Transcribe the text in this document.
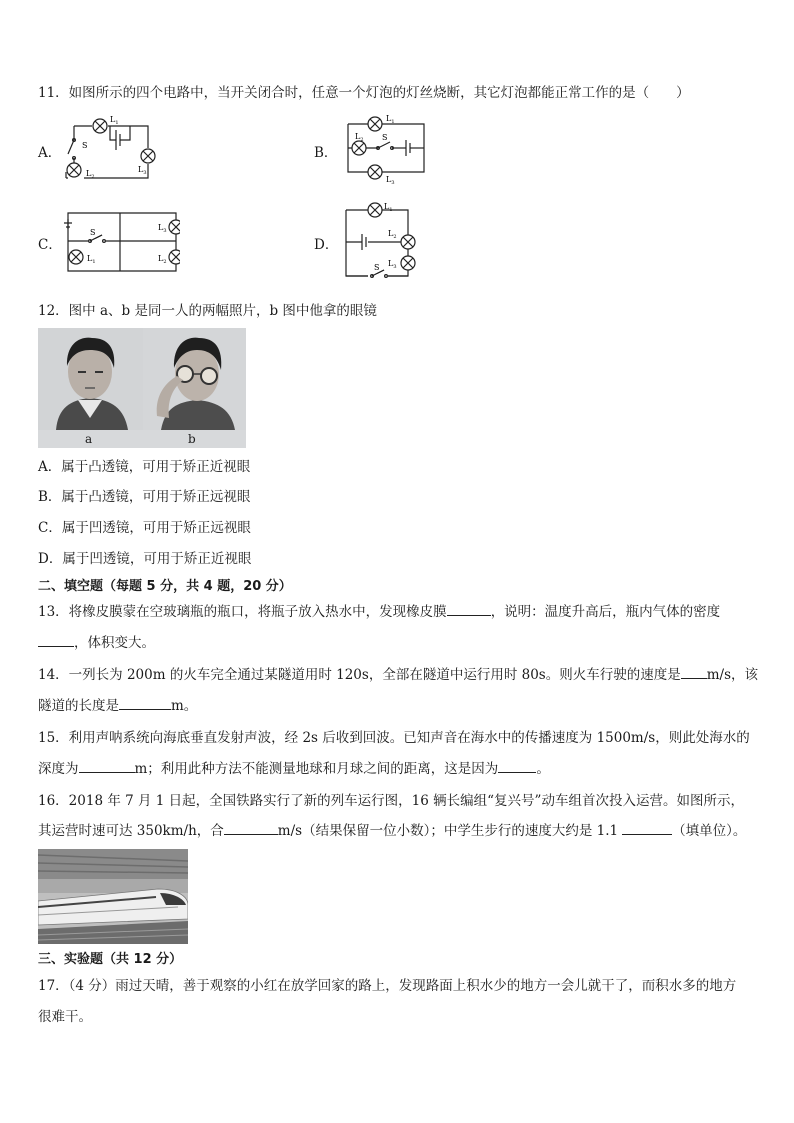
11．如图所示的四个电路中，当开关闭合时，任意一个灯泡的灯丝烧断，其它灯泡都能正常工作的是（　　）
A．	B．
C．	D．
$L_1$
S
$L_3$
$L_2$
$L_1$
$L_2$ S
$L_3$
S
$L_3$
$L_2$
$L_1$
$L_1$
$L_2$
$L_3$
S
12．图中 a、b 是同一人的两幅照片，b 图中他拿的眼镜
a	b
A．属于凸透镜，可用于矫正近视眼
B．属于凸透镜，可用于矫正远视眼
C．属于凹透镜，可用于矫正远视眼
D．属于凹透镜，可用于矫正近视眼
二、填空题（每题 5 分，共 4 题，20 分）
13．将橡皮膜蒙在空玻璃瓶的瓶口，将瓶子放入热水中，发现橡皮膜	，说明：温度升高后，瓶内气体的密度
，体积变大。
14．一列长为 200m 的火车完全通过某隧道用时 120s，全部在隧道中运行用时 80s。则火车行驶的速度是 m/s，该
隧道的长度是	m。
15．利用声呐系统向海底垂直发射声波，经 2s 后收到回波。已知声音在海水中的传播速度为 1500m/s，则此处海水的
深度为	m；利用此种方法不能测量地球和月球之间的距离，这是因为	。
16．2018 年 7 月 1 日起，全国铁路实行了新的列车运行图，16 辆长编组“复兴号”动车组首次投入运营。如图所示，
其运营时速可达 350km/h，合	m/s（结果保留一位小数）；中学生步行的速度大约是 1.1	（填单位）。
三、实验题（共 12 分）
17．（4 分）雨过天晴，善于观察的小红在放学回家的路上，发现路面上积水少的地方一会儿就干了，而积水多的地方
很难干。
